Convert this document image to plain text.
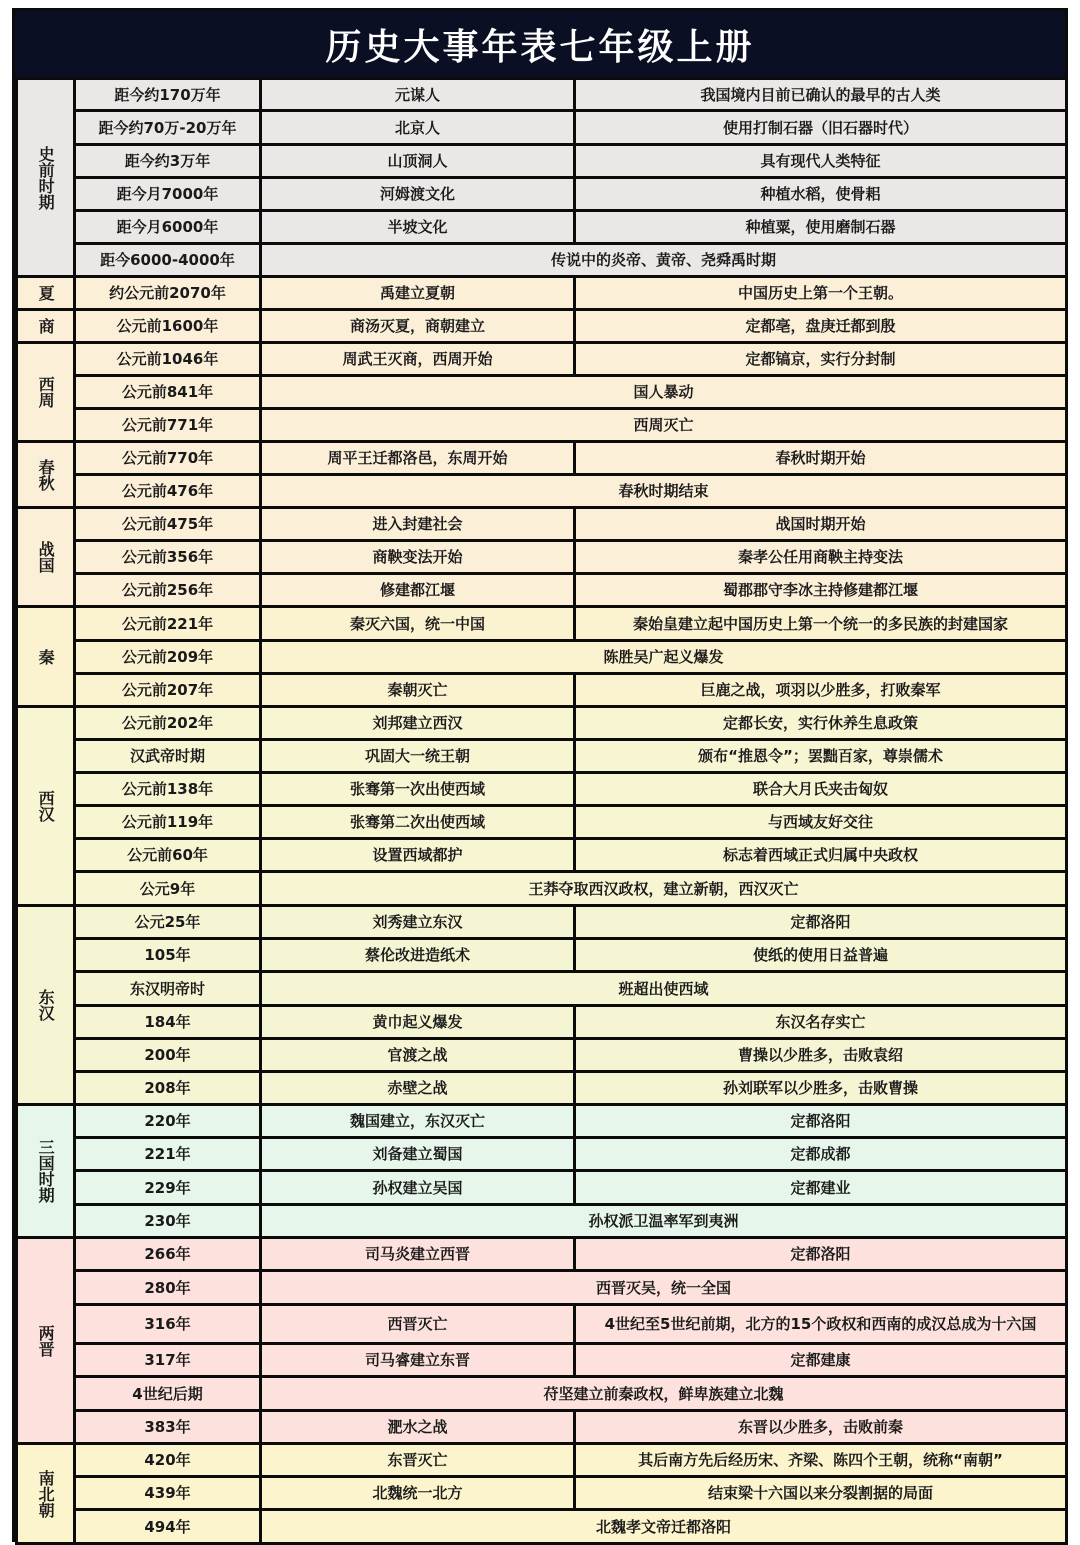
历史大事年表七年级上册
史前时期	距今约170万年	元谋人	我国境内目前已确认的最早的古人类
	距今约70万-20万年	北京人	使用打制石器（旧石器时代）
	距今约3万年	山顶洞人	具有现代人类特征
	距今月7000年	河姆渡文化	种植水稻，使骨耜
	距今月6000年	半坡文化	种植粟，使用磨制石器
	距今6000-4000年	传说中的炎帝、黄帝、尧舜禹时期	
夏	约公元前2070年	禹建立夏朝	中国历史上第一个王朝。
商	公元前1600年	商汤灭夏，商朝建立	定都亳，盘庚迁都到殷
西周	公元前1046年	周武王灭商，西周开始	定都镐京，实行分封制
	公元前841年	国人暴动	
	公元前771年	西周灭亡	
春秋	公元前770年	周平王迁都洛邑，东周开始	春秋时期开始
	公元前476年	春秋时期结束	
战国	公元前475年	进入封建社会	战国时期开始
	公元前356年	商鞅变法开始	秦孝公任用商鞅主持变法
	公元前256年	修建都江堰	蜀郡郡守李冰主持修建都江堰
秦	公元前221年	秦灭六国，统一中国	秦始皇建立起中国历史上第一个统一的多民族的封建国家
	公元前209年	陈胜吴广起义爆发	
	公元前207年	秦朝灭亡	巨鹿之战，项羽以少胜多，打败秦军
西汉	公元前202年	刘邦建立西汉	定都长安，实行休养生息政策
	汉武帝时期	巩固大一统王朝	颁布“推恩令”；罢黜百家，尊崇儒术
	公元前138年	张骞第一次出使西域	联合大月氏夹击匈奴
	公元前119年	张骞第二次出使西域	与西域友好交往
	公元前60年	设置西域都护	标志着西域正式归属中央政权
	公元9年	王莽夺取西汉政权，建立新朝，西汉灭亡	
东汉	公元25年	刘秀建立东汉	定都洛阳
	105年	蔡伦改进造纸术	使纸的使用日益普遍
	东汉明帝时	班超出使西域	
	184年	黄巾起义爆发	东汉名存实亡
	200年	官渡之战	曹操以少胜多，击败袁绍
	208年	赤壁之战	孙刘联军以少胜多，击败曹操
三国时期	220年	魏国建立，东汉灭亡	定都洛阳
	221年	刘备建立蜀国	定都成都
	229年	孙权建立吴国	定都建业
	230年	孙权派卫温率军到夷洲	
两晋	266年	司马炎建立西晋	定都洛阳
	280年	西晋灭吴，统一全国	
	316年	西晋灭亡	4世纪至5世纪前期，北方的15个政权和西南的成汉总成为十六国
	317年	司马睿建立东晋	定都建康
	4世纪后期	苻坚建立前秦政权，鲜卑族建立北魏	
	383年	淝水之战	东晋以少胜多，击败前秦
南北朝	420年	东晋灭亡	其后南方先后经历宋、齐梁、陈四个王朝，统称“南朝”
	439年	北魏统一北方	结束梁十六国以来分裂割据的局面
	494年	北魏孝文帝迁都洛阳	
